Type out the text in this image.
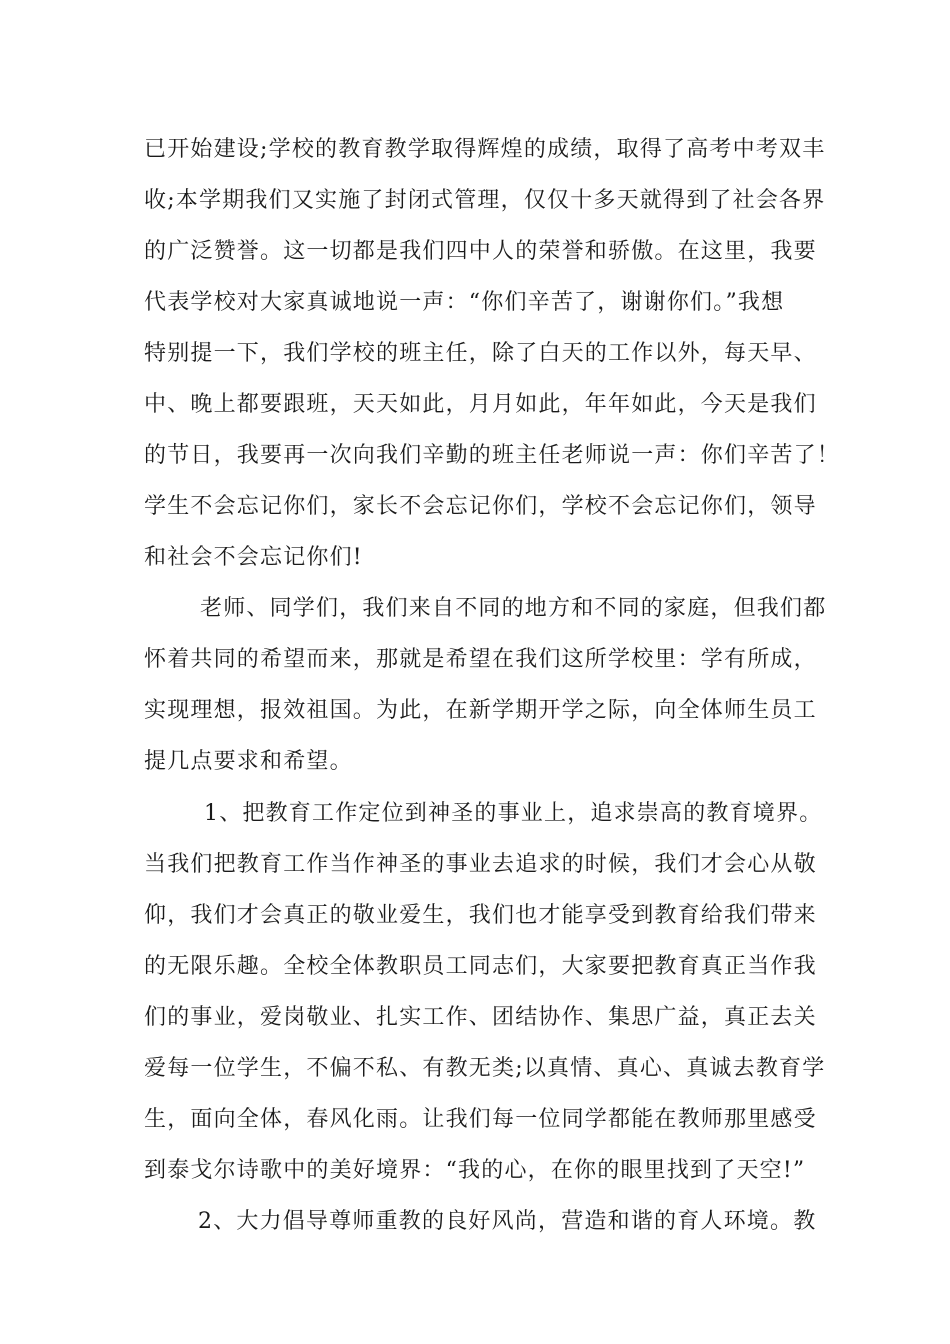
已开始建设;学校的教育教学取得辉煌的成绩，取得了高考中考双丰
收;本学期我们又实施了封闭式管理，仅仅十多天就得到了社会各界
的广泛赞誉。这一切都是我们四中人的荣誉和骄傲。在这里，我要
代表学校对大家真诚地说一声：“你们辛苦了，谢谢你们。”我想
特别提一下，我们学校的班主任，除了白天的工作以外，每天早、
中、晚上都要跟班，天天如此，月月如此，年年如此，今天是我们
的节日，我要再一次向我们辛勤的班主任老师说一声：你们辛苦了！
学生不会忘记你们，家长不会忘记你们，学校不会忘记你们，领导
和社会不会忘记你们!
老师、同学们，我们来自不同的地方和不同的家庭，但我们都
怀着共同的希望而来，那就是希望在我们这所学校里：学有所成，
实现理想，报效祖国。为此，在新学期开学之际，向全体师生员工
提几点要求和希望。
1、把教育工作定位到神圣的事业上，追求崇高的教育境界。
当我们把教育工作当作神圣的事业去追求的时候，我们才会心从敬
仰，我们才会真正的敬业爱生，我们也才能享受到教育给我们带来
的无限乐趣。全校全体教职员工同志们，大家要把教育真正当作我
们的事业，爱岗敬业、扎实工作、团结协作、集思广益，真正去关
爱每一位学生，不偏不私、有教无类;以真情、真心、真诚去教育学
生，面向全体，春风化雨。让我们每一位同学都能在教师那里感受
到泰戈尔诗歌中的美好境界：“我的心，在你的眼里找到了天空!”
2、大力倡导尊师重教的良好风尚，营造和谐的育人环境。教
